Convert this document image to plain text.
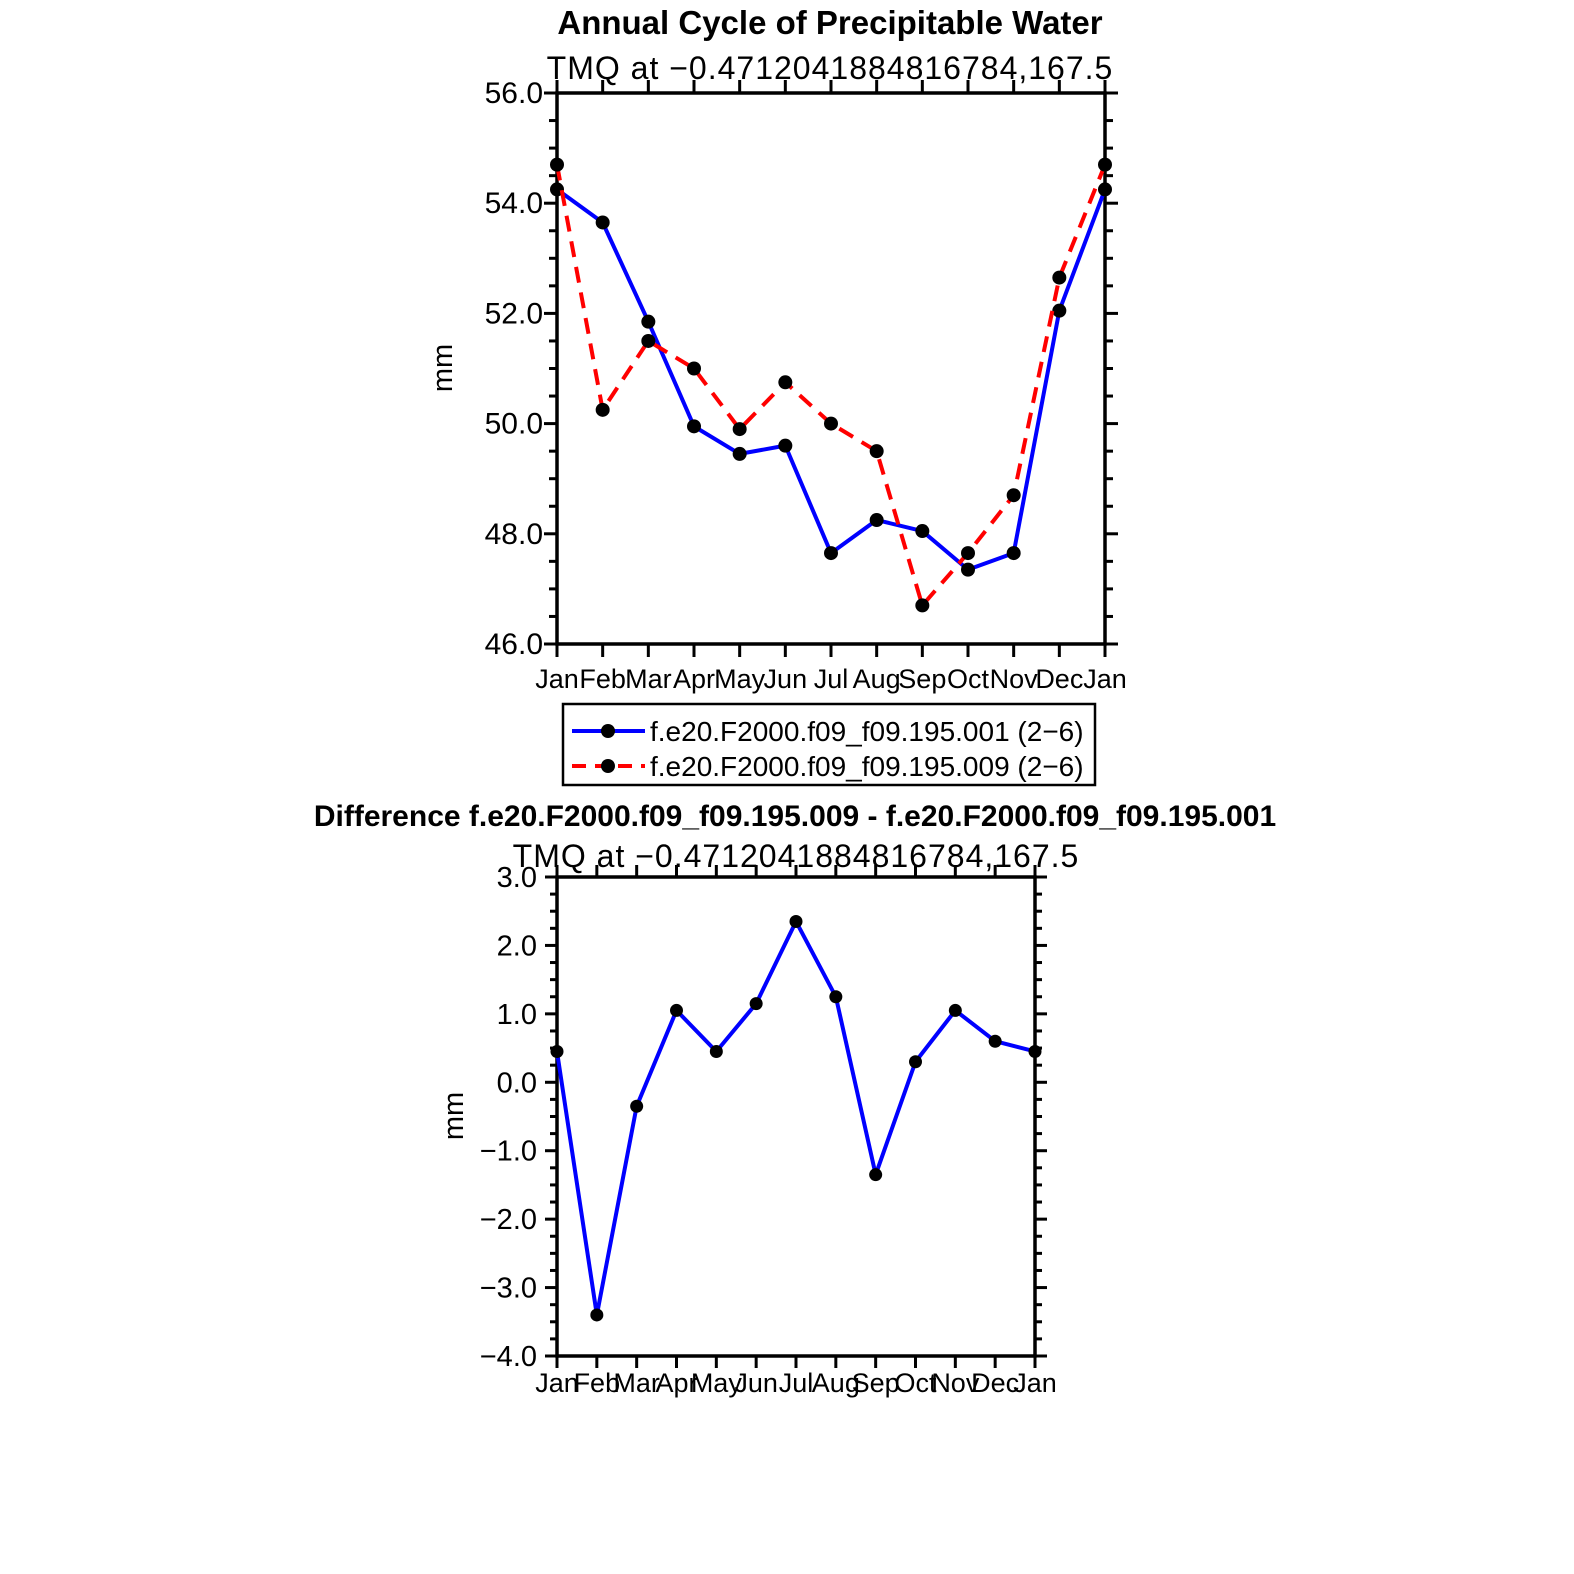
Annual Cycle of Precipitable Water
TMQ at −0.4712041884816784,167.5
mm
46.0
48.0
50.0
52.0
54.0
56.0
Jan Feb Mar Apr May
Jun Jul Aug
Sep Oct Nov
Dec Jan
f.e20.F2000.f09_f09.195.001 (2−6)
f.e20.F2000.f09_f09.195.009 (2−6)
Difference f.e20.F2000.f09_f09.195.009 - f.e20.F2000.f09_f09.195.001
TMQ at −0.4712041884816784,167.5
mm
−4.0
−3.0
−2.0
−1.0
0.0
1.0
2.0
3.0
Jan
Feb
Mar
Apr
May
Jun Jul
Aug
Sep
Oct
Nov
Dec
Jan
